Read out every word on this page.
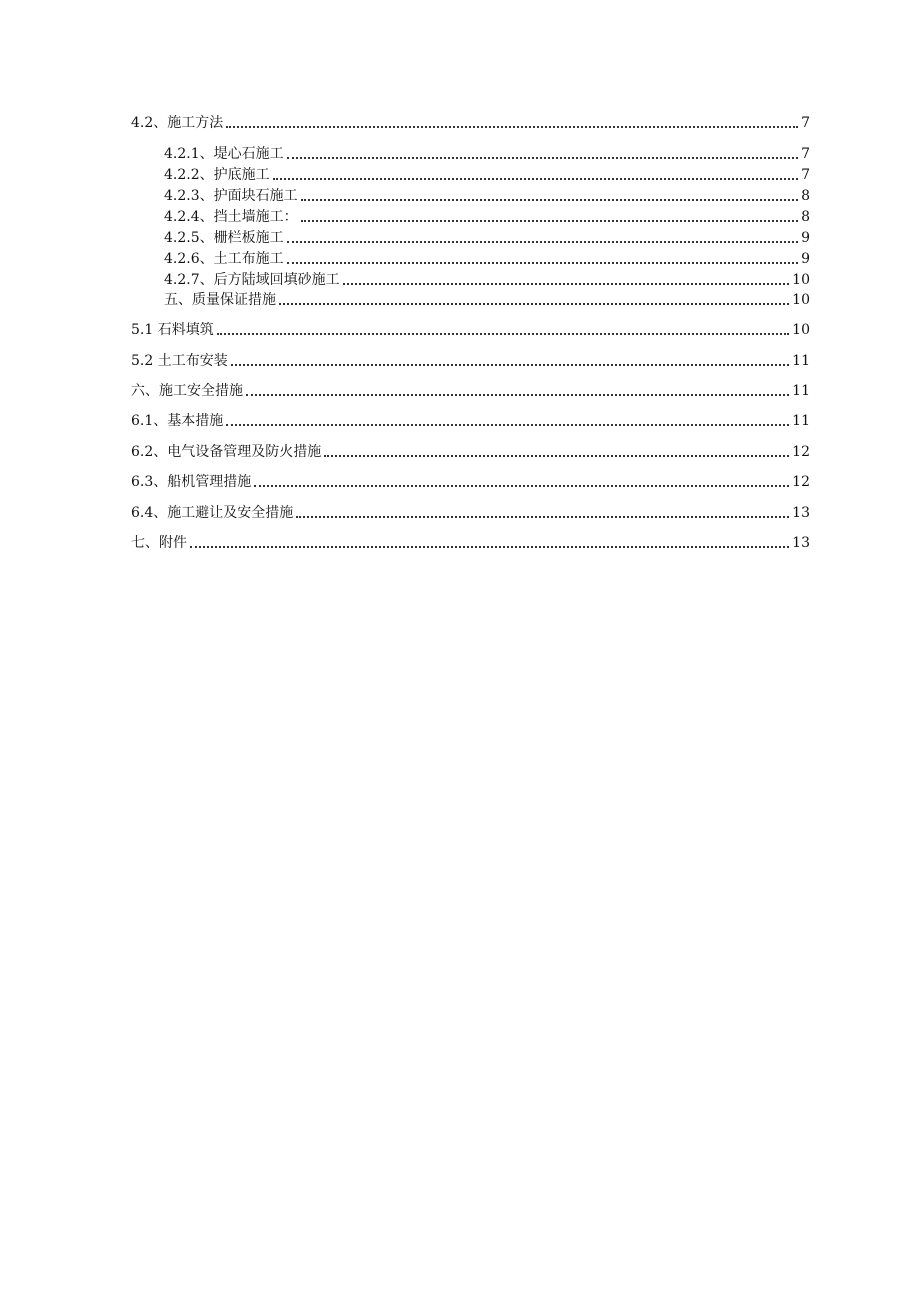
4.2、施工方法	7
4.2.1、堤心石施工	7
4.2.2、护底施工	7
4.2.3、护面块石施工	8
4.2.4、挡土墙施工：	8
4.2.5、栅栏板施工	9
4.2.6、土工布施工	9
4.2.7、后方陆域回填砂施工	10
五、质量保证措施	10
5.1 石料填筑	10
5.2 土工布安装	11
六、施工安全措施	11
6.1、基本措施	11
6.2、电气设备管理及防火措施	12
6.3、船机管理措施	12
6.4、施工避让及安全措施	13
七、附件	13
